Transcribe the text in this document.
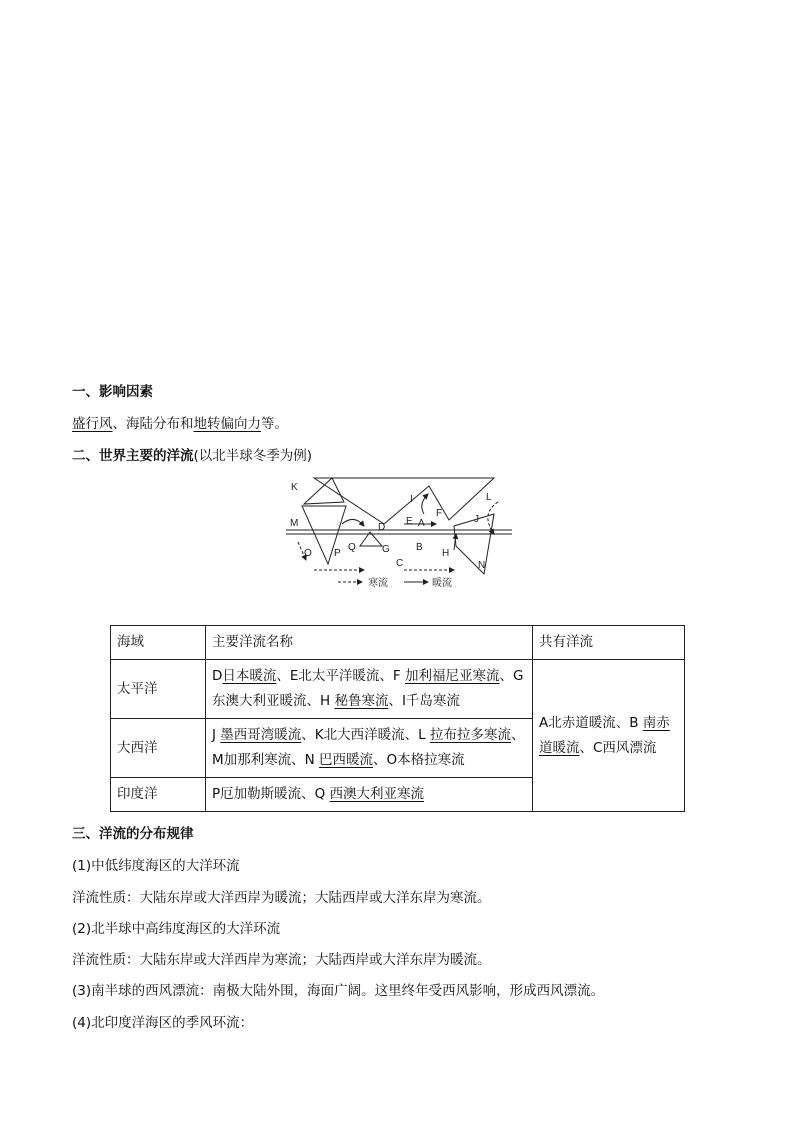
一、影响因素
盛行风、海陆分布和地转偏向力等。
二、世界主要的洋流(以北半球冬季为例)
K
M
O P
Q	G
D
E A
B
C
I
F
H
J
L
N
寒流	暖流
海域	主要洋流名称	共有洋流
太平洋	D日本暖流、E北太平洋暖流、F 加利福尼亚寒流、G东澳大利亚暖流、H 秘鲁寒流、I千岛寒流	A北赤道暖流、B 南赤道暖流、C西风漂流
大西洋	J 墨西哥湾暖流、K北大西洋暖流、L 拉布拉多寒流、M加那利寒流、N 巴西暖流、O本格拉寒流	
印度洋	P厄加勒斯暖流、Q 西澳大利亚寒流	
三、洋流的分布规律
(1)中低纬度海区的大洋环流
洋流性质：大陆东岸或大洋西岸为暖流；大陆西岸或大洋东岸为寒流。
(2)北半球中高纬度海区的大洋环流
洋流性质：大陆东岸或大洋西岸为寒流；大陆西岸或大洋东岸为暖流。
(3)南半球的西风漂流：南极大陆外围，海面广阔。这里终年受西风影响，形成西风漂流。
(4)北印度洋海区的季风环流：
